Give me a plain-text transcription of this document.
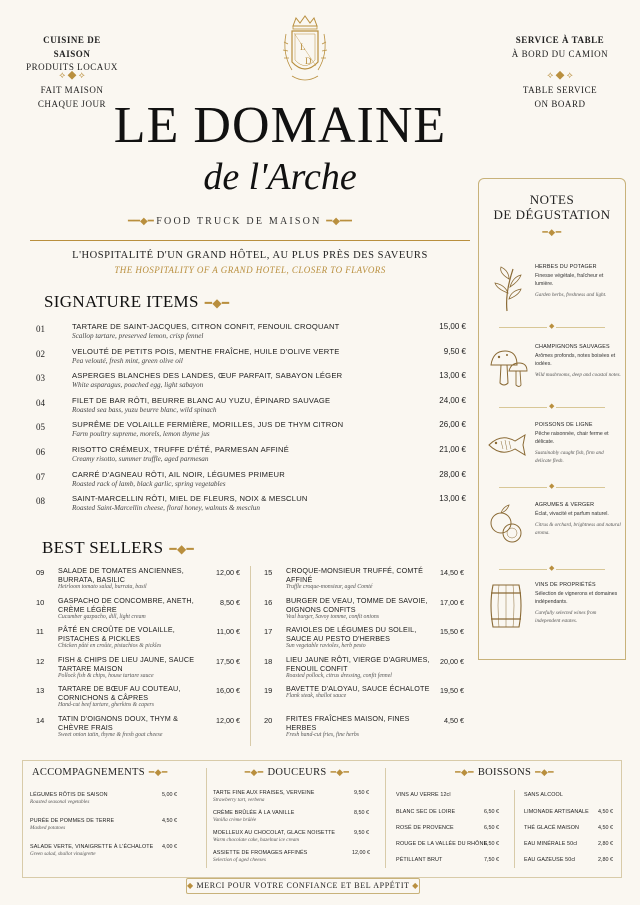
CUISINE DE SAISON
PRODUITS LOCAUX
⟡ ◆ ⟡
FAIT MAISON
CHAQUE JOUR
SERVICE À TABLE
À BORD DU CAMION
⟡ ◆ ⟡
TABLE SERVICE
ON BOARD
L
D
LE DOMAINE
de l'Arche
━━◆━ FOOD TRUCK DE MAISON ━◆━━
L'HOSPITALITÉ D'UN GRAND HÔTEL, AU PLUS PRÈS DES SAVEURS
THE HOSPITALITY OF A GRAND HOTEL, CLOSER TO FLAVORS
SIGNATURE ITEMS ━◆━
01	TARTARE DE SAINT-JACQUES, CITRON CONFIT, FENOUIL CROQUANT
Scallop tartare, preserved lemon, crisp fennel
15,00 €
02	VELOUTÉ DE PETITS POIS, MENTHE FRAÎCHE, HUILE D'OLIVE VERTE
Pea velouté, fresh mint, green olive oil
9,50 €
03	ASPERGES BLANCHES DES LANDES, ŒUF PARFAIT, SABAYON LÉGER
White asparagus, poached egg, light sabayon
13,00 €
04	FILET DE BAR RÔTI, BEURRE BLANC AU YUZU, ÉPINARD SAUVAGE
Roasted sea bass, yuzu beurre blanc, wild spinach
24,00 €
05	SUPRÊME DE VOLAILLE FERMIÈRE, MORILLES, JUS DE THYM CITRON
Farm poultry supreme, morels, lemon thyme jus
26,00 €
06	RISOTTO CRÉMEUX, TRUFFE D'ÉTÉ, PARMESAN AFFINÉ
Creamy risotto, summer truffle, aged parmesan
21,00 €
07	CARRÉ D'AGNEAU RÔTI, AIL NOIR, LÉGUMES PRIMEUR
Roasted rack of lamb, black garlic, spring vegetables
28,00 €
08	SAINT-MARCELLIN RÔTI, MIEL DE FLEURS, NOIX & MESCLUN
Roasted Saint-Marcellin cheese, floral honey, walnuts & mesclun
13,00 €
BEST SELLERS ━◆━
09 SALADE DE TOMATES ANCIENNES, BURRATA, BASILIC
Heirloom tomato salad, burrata, basil
12,00 €
10 GASPACHO DE CONCOMBRE, ANETH, CRÈME LÉGÈRE
Cucumber gazpacho, dill, light cream
8,50 €
11 PÂTÉ EN CROÛTE DE VOLAILLE, PISTACHES & PICKLES
Chicken pâté en croûte, pistachios & pickles
11,00 €
12 FISH & CHIPS DE LIEU JAUNE, SAUCE TARTARE MAISON
Pollock fish & chips, house tartare sauce
17,50 €
13 TARTARE DE BŒUF AU COUTEAU, CORNICHONS & CÂPRES
Hand-cut beef tartare, gherkins & capers
16,00 €
14 TATIN D'OIGNONS DOUX, THYM & CHÈVRE FRAIS
Sweet onion tatin, thyme & fresh goat cheese
12,00 €
15 CROQUE-MONSIEUR TRUFFÉ, COMTÉ AFFINÉ
Truffle croque-monsieur, aged Comté
14,50 €
16 BURGER DE VEAU, TOMME DE SAVOIE, OIGNONS CONFITS
Veal burger, Savoy tomme, confit onions
17,00 €
17 RAVIOLES DE LÉGUMES DU SOLEIL, SAUCE AU PESTO D'HERBES
Sun vegetable ravioles, herb pesto
15,50 €
18 LIEU JAUNE RÔTI, VIERGE D'AGRUMES, FENOUIL CONFIT
Roasted pollock, citrus dressing, confit fennel
20,00 €
19 BAVETTE D'ALOYAU, SAUCE ÉCHALOTE
Flank steak, shallot sauce
19,50 €
20 FRITES FRAÎCHES MAISON, FINES HERBES
Fresh hand-cut fries, fine herbs
4,50 €
NOTES
DE DÉGUSTATION
━◆━
HERBES DU POTAGER
Finesse végétale, fraîcheur et lumière.
Garden herbs, freshness and light.
◆
CHAMPIGNONS SAUVAGES
Arômes profonds, notes boisées et iodées.
Wild mushrooms, deep and coastal notes.
◆
POISSONS DE LIGNE
Pêche raisonnée, chair ferme et délicate.
Sustainably caught fish, firm and delicate flesh.
◆
AGRUMES & VERGER
Éclat, vivacité et parfum naturel.
Citrus & orchard, brightness and natural aroma.
◆
VINS DE PROPRIÉTÉS
Sélection de vignerons et domaines indépendants.
Carefully selected wines from independent estates.
ACCOMPAGNEMENTS ━◆━
LÉGUMES RÔTIS DE SAISON
Roasted seasonal vegetables
5,00 €
PURÉE DE POMMES DE TERRE
Mashed potatoes
4,50 €
SALADE VERTE, VINAIGRETTE À L'ÉCHALOTE
Green salad, shallot vinaigrette
4,00 €
━◆━ DOUCEURS ━◆━
TARTE FINE AUX FRAISES, VERVEINE
Strawberry tart, verbena
9,50 €
CRÈME BRÛLÉE À LA VANILLE
Vanilla crème brûlée
8,50 €
MOELLEUX AU CHOCOLAT, GLACE NOISETTE
Warm chocolate cake, hazelnut ice cream
9,50 €
ASSIETTE DE FROMAGES AFFINÉS
Selection of aged cheeses
12,00 €
━◆━ BOISSONS ━◆━
VINS AU VERRE 12cl	SANS ALCOOL
BLANC SEC DE LOIRE	6,50 €
ROSÉ DE PROVENCE	6,50 €
ROUGE DE LA VALLÉE DU RHÔNE
6,50 €
PÉTILLANT BRUT	7,50 €
LIMONADE ARTISANALE 4,50 €
THÉ GLACÉ MAISON	4,50 €
EAU MINÉRALE 50cl	2,80 €
EAU GAZEUSE 50cl	2,80 €
◆ MERCI POUR VOTRE CONFIANCE ET BEL APPÉTIT ◆
